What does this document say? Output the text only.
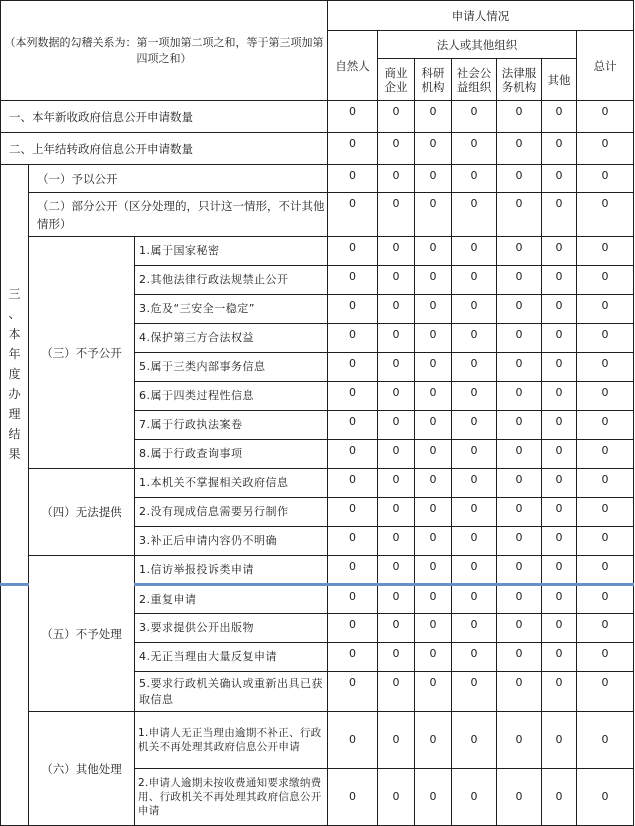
（本列数据的勾稽关系为：第一项加第二项之和，等于第三项加第四项之和）			申请人情况						
			自然人	法人或其他组织					总计
				商业企业	科研机构	社会公益组织	法律服务机构	其他	
一、本年新收政府信息公开申请数量			0	0	0	0	0	0	0
二、上年结转政府信息公开申请数量			0	0	0	0	0	0	0

三、本年度办理结果	（一）予以公开		0	0	0	0	0	0	0
	（二）部分公开（区分处理的，只计这一情形，不计其他情形）		0	0	0	0	0	0	0
	（三）不予公开	1.属于国家秘密	0	0	0	0	0	0	0
		2.其他法律行政法规禁止公开	0	0	0	0	0	0	0
		3.危及“三安全一稳定”	0	0	0	0	0	0	0
		4.保护第三方合法权益	0	0	0	0	0	0	0
		5.属于三类内部事务信息	0	0	0	0	0	0	0
		6.属于四类过程性信息	0	0	0	0	0	0	0
		7.属于行政执法案卷	0	0	0	0	0	0	0
		8.属于行政查询事项	0	0	0	0	0	0	0
	（四）无法提供	1.本机关不掌握相关政府信息	0	0	0	0	0	0	0
		2.没有现成信息需要另行制作	0	0	0	0	0	0	0
		3.补正后申请内容仍不明确	0	0	0	0	0	0	0
	（五）不予处理	1.信访举报投诉类申请	0	0	0	0	0	0	0
		2.重复申请	0	0	0	0	0	0	0
		3.要求提供公开出版物	0	0	0	0	0	0	0
		4.无正当理由大量反复申请	0	0	0	0	0	0	0
		5.要求行政机关确认或重新出具已获取信息	0	0	0	0	0	0	0
	（六）其他处理	1.申请人无正当理由逾期不补正、行政机关不再处理其政府信息公开申请	0	0	0	0	0	0	0
		2.申请人逾期未按收费通知要求缴纳费用、行政机关不再处理其政府信息公开申请	0	0	0	0	0	0	0
